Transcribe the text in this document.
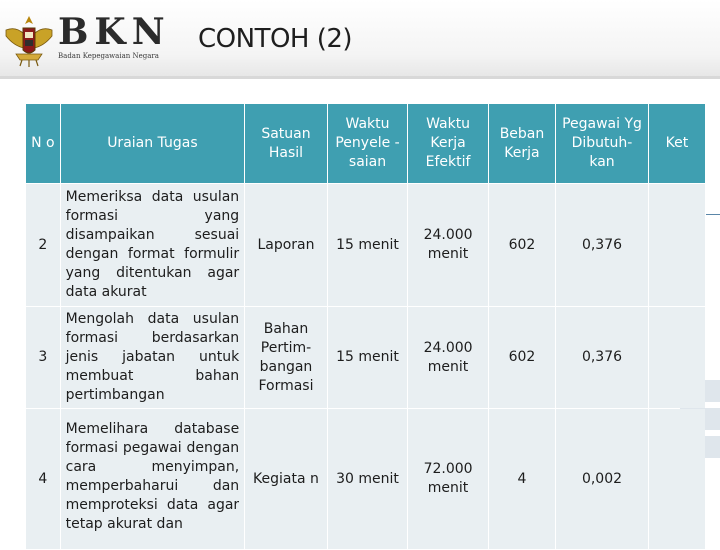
BKN
Badan Kepegawaian Negara
CONTOH (2)
N o	Uraian Tugas	Satuan Hasil	Waktu Penyele -saian	Waktu Kerja Efektif	Beban Kerja	Pegawai Yg Dibutuh- kan	Ket
2	Memeriksa data usulan formasi yang disampaikan sesuai dengan format formulir yang ditentukan agar data akurat	Laporan	15 menit	24.000 menit	602	0,376	
3	Mengolah data usulan formasi berdasarkan jenis jabatan untuk membuat bahan pertimbangan	Bahan Pertim- bangan Formasi	15 menit	24.000 menit	602	0,376	
4	Memelihara database formasi pegawai dengan cara menyimpan, memperbaharui dan memproteksi data agar tetap akurat dan	Kegiata n	30 menit	72.000 menit	4	0,002	
